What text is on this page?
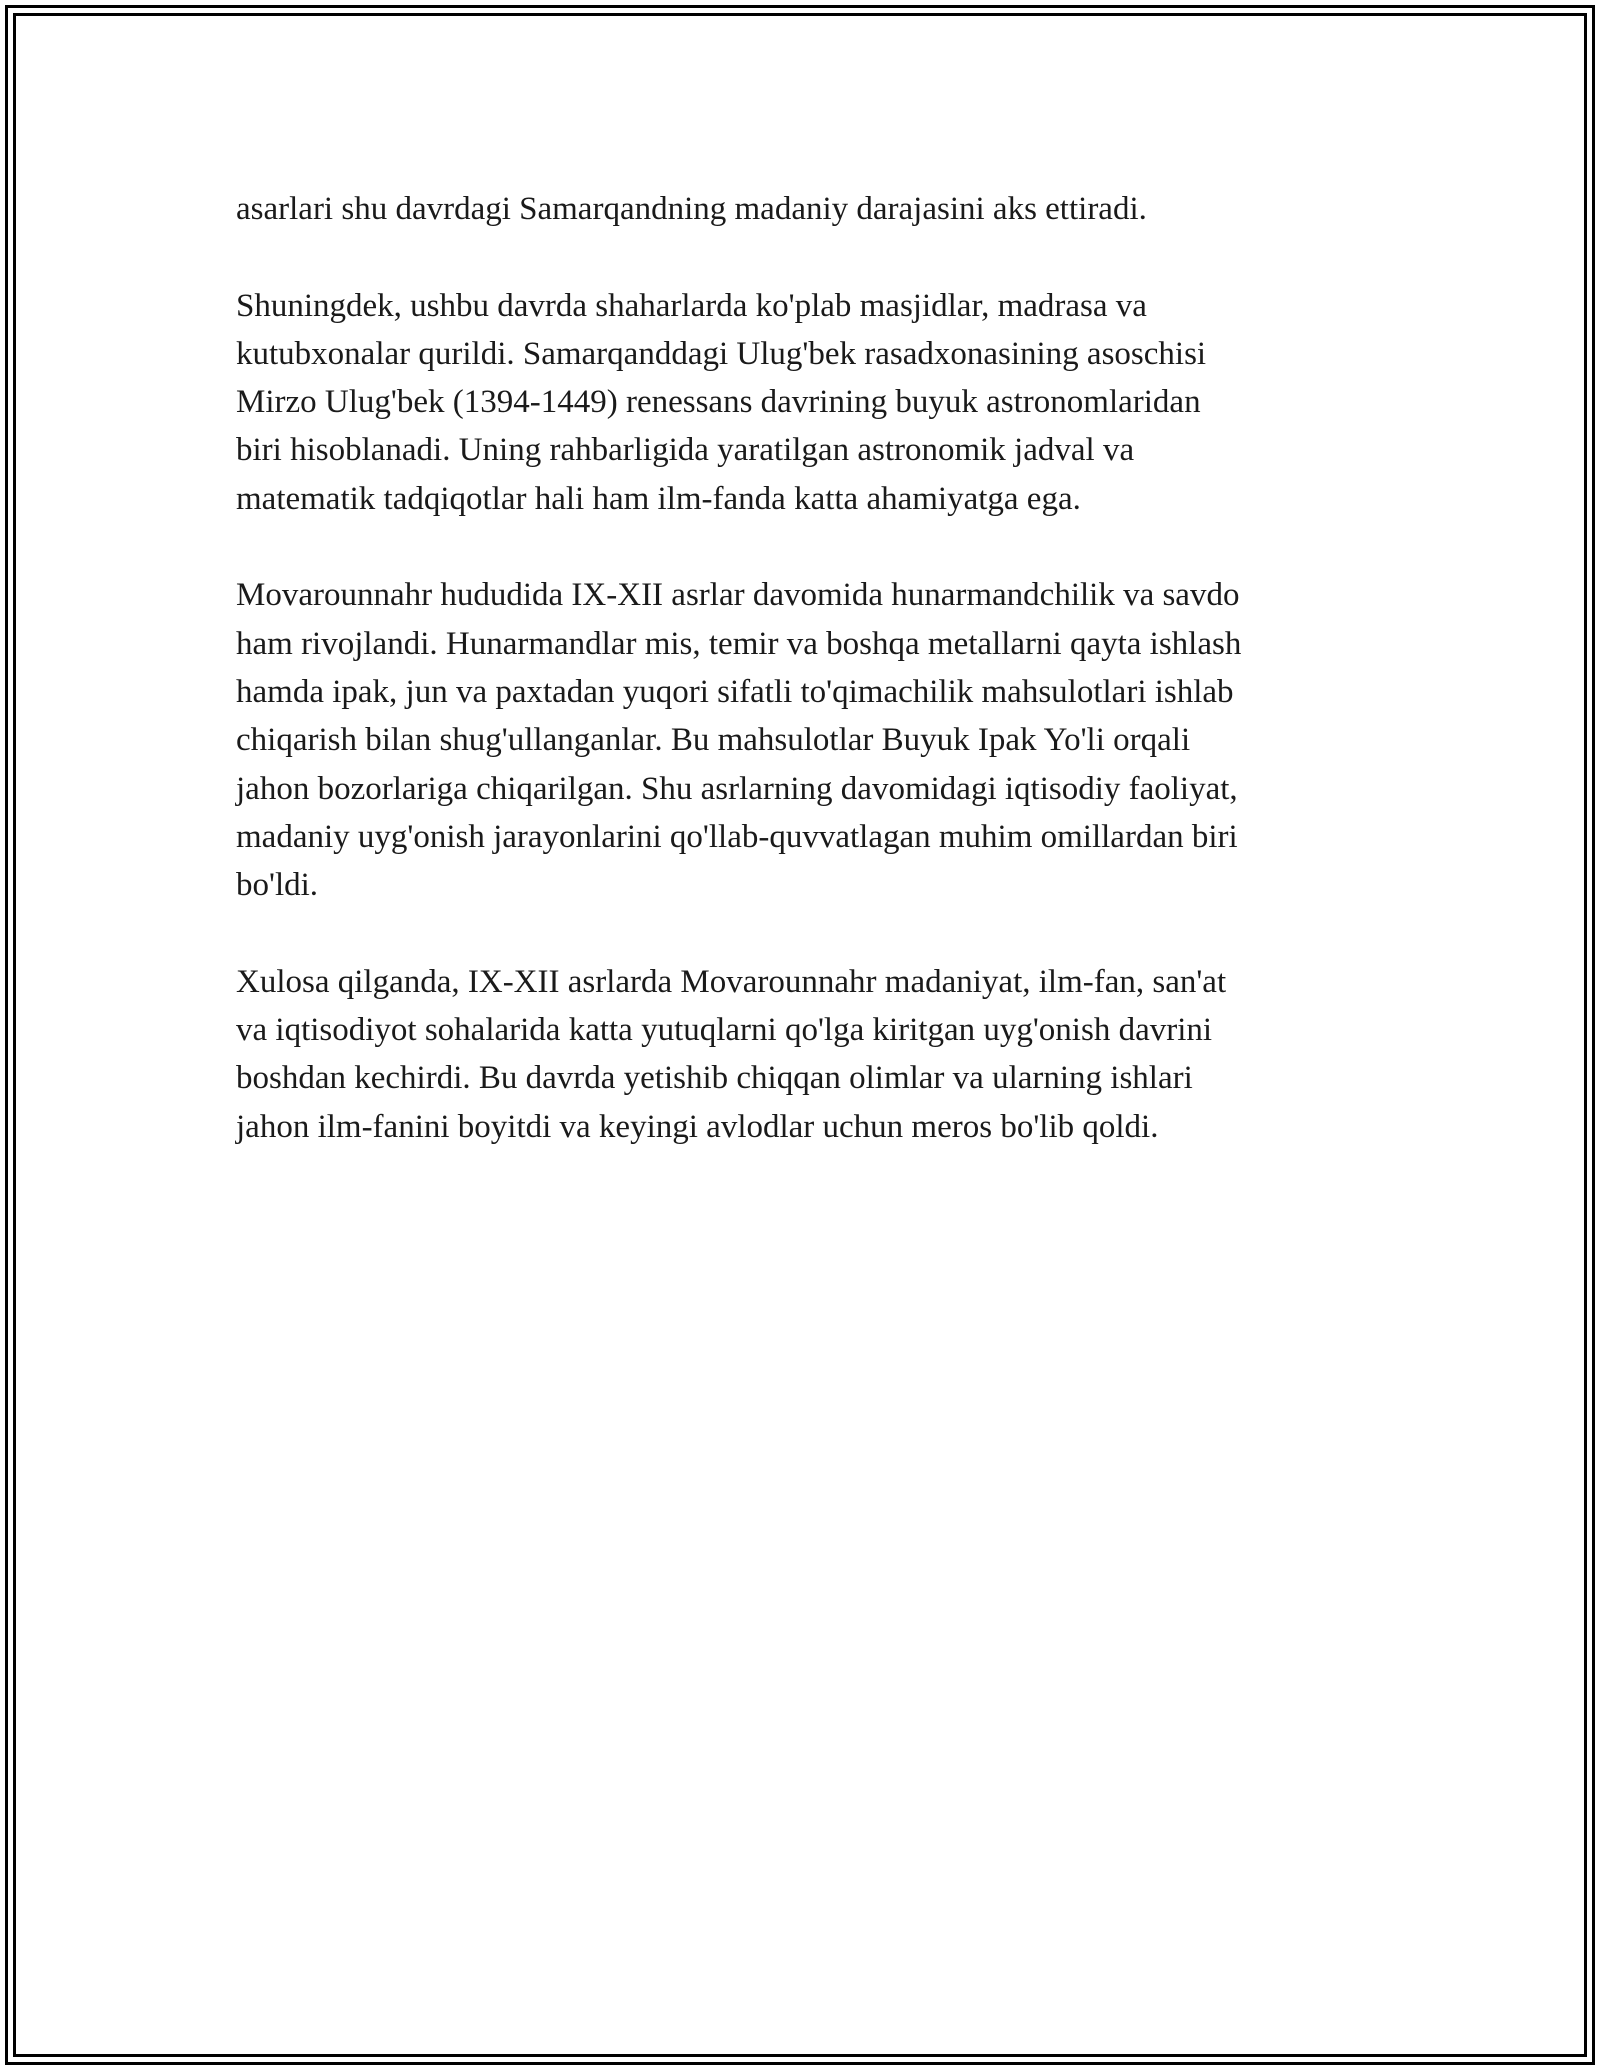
asarlari shu davrdagi Samarqandning madaniy darajasini aks ettiradi.

Shuningdek, ushbu davrda shaharlarda ko'plab masjidlar, madrasa va
kutubxonalar qurildi. Samarqanddagi Ulug'bek rasadxonasining asoschisi
Mirzo Ulug'bek (1394-1449) renessans davrining buyuk astronomlaridan
biri hisoblanadi. Uning rahbarligida yaratilgan astronomik jadval va
matematik tadqiqotlar hali ham ilm-fanda katta ahamiyatga ega.

Movarounnahr hududida IX-XII asrlar davomida hunarmandchilik va savdo
ham rivojlandi. Hunarmandlar mis, temir va boshqa metallarni qayta ishlash
hamda ipak, jun va paxtadan yuqori sifatli to'qimachilik mahsulotlari ishlab
chiqarish bilan shug'ullanganlar. Bu mahsulotlar Buyuk Ipak Yo'li orqali
jahon bozorlariga chiqarilgan. Shu asrlarning davomidagi iqtisodiy faoliyat,
madaniy uyg'onish jarayonlarini qo'llab-quvvatlagan muhim omillardan biri
bo'ldi.

Xulosa qilganda, IX-XII asrlarda Movarounnahr madaniyat, ilm-fan, san'at
va iqtisodiyot sohalarida katta yutuqlarni qo'lga kiritgan uyg'onish davrini
boshdan kechirdi. Bu davrda yetishib chiqqan olimlar va ularning ishlari
jahon ilm-fanini boyitdi va keyingi avlodlar uchun meros bo'lib qoldi.
